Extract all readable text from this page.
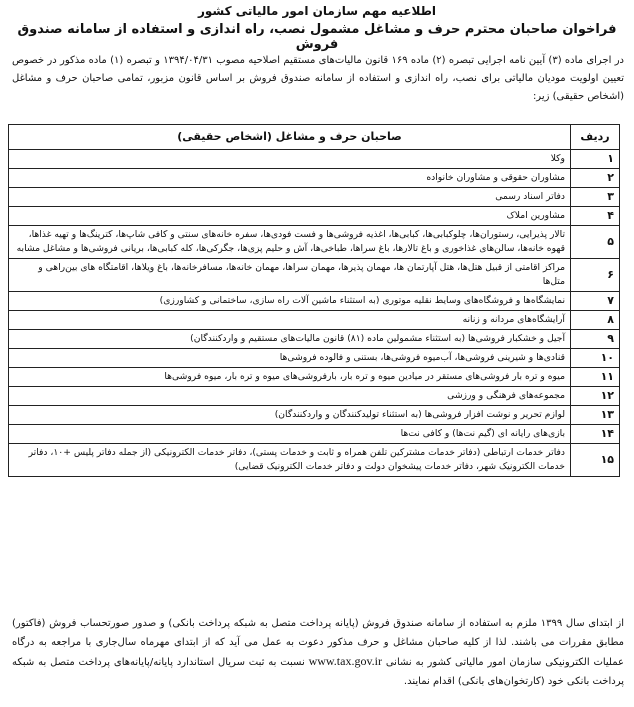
اطلاعیه مهم سازمان امور مالیاتی کشور
فراخوان صاحبان محترم حرف و مشاغل مشمول نصب، راه اندازی و استفاده از سامانه صندوق فروش
در اجرای ماده (۳) آیین نامه اجرایی تبصره (۲) ماده ۱۶۹ قانون مالیات‌های مستقیم اصلاحیه مصوب ۱۳۹۴/۰۴/۳۱ و تبصره (۱) ماده مذکور در خصوص تعیین اولویت مودیان مالیاتی برای نصب، راه اندازی و استفاده از سامانه صندوق فروش بر اساس قانون مزبور، تمامی صاحبان حرف و مشاغل (اشخاص حقیقی) زیر:
ردیف	صاحبان حرف و مشاغل (اشخاص حقیقی)
۱	وکلا
۲	مشاوران حقوقی و مشاوران خانواده
۳	دفاتر اسناد رسمی
۴	مشاورین املاک
۵	تالار پذیرایی، رستوران‌ها، چلوکبابی‌ها، کبابی‌ها، اغذیه فروشی‌ها و فست فودی‌ها، سفره خانه‌های سنتی و کافی شاپ‌ها، کترینگ‌ها و تهیه غذاها، قهوه خانه‌ها، سالن‌های غذاخوری و باغ تالارها، باغ سراها، طباخی‌ها، آش و حلیم پزی‌ها، جگرکی‌ها، کله کبابی‌ها، بریانی فروشی‌ها و مشاغل مشابه
۶	مراکز اقامتی از قبیل هتل‌ها، هتل آپارتمان ها، مهمان پذیرها، مهمان سراها، مهمان خانه‌ها، مسافرخانه‌ها، باغ ویلاها، اقامتگاه های بین‌راهی و متل‌ها
۷	نمایشگاه‌ها و فروشگاه‌های وسایط نقلیه موتوری (به استثناء ماشین آلات راه سازی، ساختمانی و کشاورزی)
۸	آرایشگاه‌های مردانه و زنانه
۹	آجیل و خشکبار فروشی‌ها (به استثناء مشمولین ماده (۸۱) قانون مالیات‌های مستقیم و واردکنندگان)
۱۰	قنادی‌ها و شیرینی فروشی‌ها، آب‌میوه فروشی‌ها، بستنی و فالوده فروشی‌ها
۱۱	میوه و تره بار فروشی‌های مستقر در میادین میوه و تره بار، بارفروشی‌های میوه و تره بار، میوه فروشی‌ها
۱۲	مجموعه‌های فرهنگی و ورزشی
۱۳	لوازم تحریر و نوشت افزار فروشی‌ها (به استثناء تولیدکنندگان و واردکنندگان)
۱۴	بازی‌های رایانه ای (گیم نت‌ها) و کافی نت‌ها
۱۵	دفاتر خدمات ارتباطی (دفاتر خدمات مشترکین تلفن همراه و ثابت و خدمات پستی)، دفاتر خدمات الکترونیکی (از جمله دفاتر پلیس +۱۰، دفاتر خدمات الکترونیک شهر، دفاتر خدمات پیشخوان دولت و دفاتر خدمات الکترونیک قضایی)
از ابتدای سال ۱۳۹۹ ملزم به استفاده از سامانه صندوق فروش (پایانه پرداخت متصل به شبکه پرداخت بانکی) و صدور صورتحساب فروش (فاکتور) مطابق مقررات می باشند. لذا از کلیه صاحبان مشاغل و حرف مذکور دعوت به عمل می آید که از ابتدای مهرماه سال‌جاری با مراجعه به درگاه عملیات الکترونیکی سازمان امور مالیاتی کشور به نشانی www.tax.gov.ir نسبت به ثبت سریال استاندارد پایانه/پایانه‌های پرداخت متصل به شبکه پرداخت بانکی خود (کارتخوان‌های بانکی) اقدام نمایند.
